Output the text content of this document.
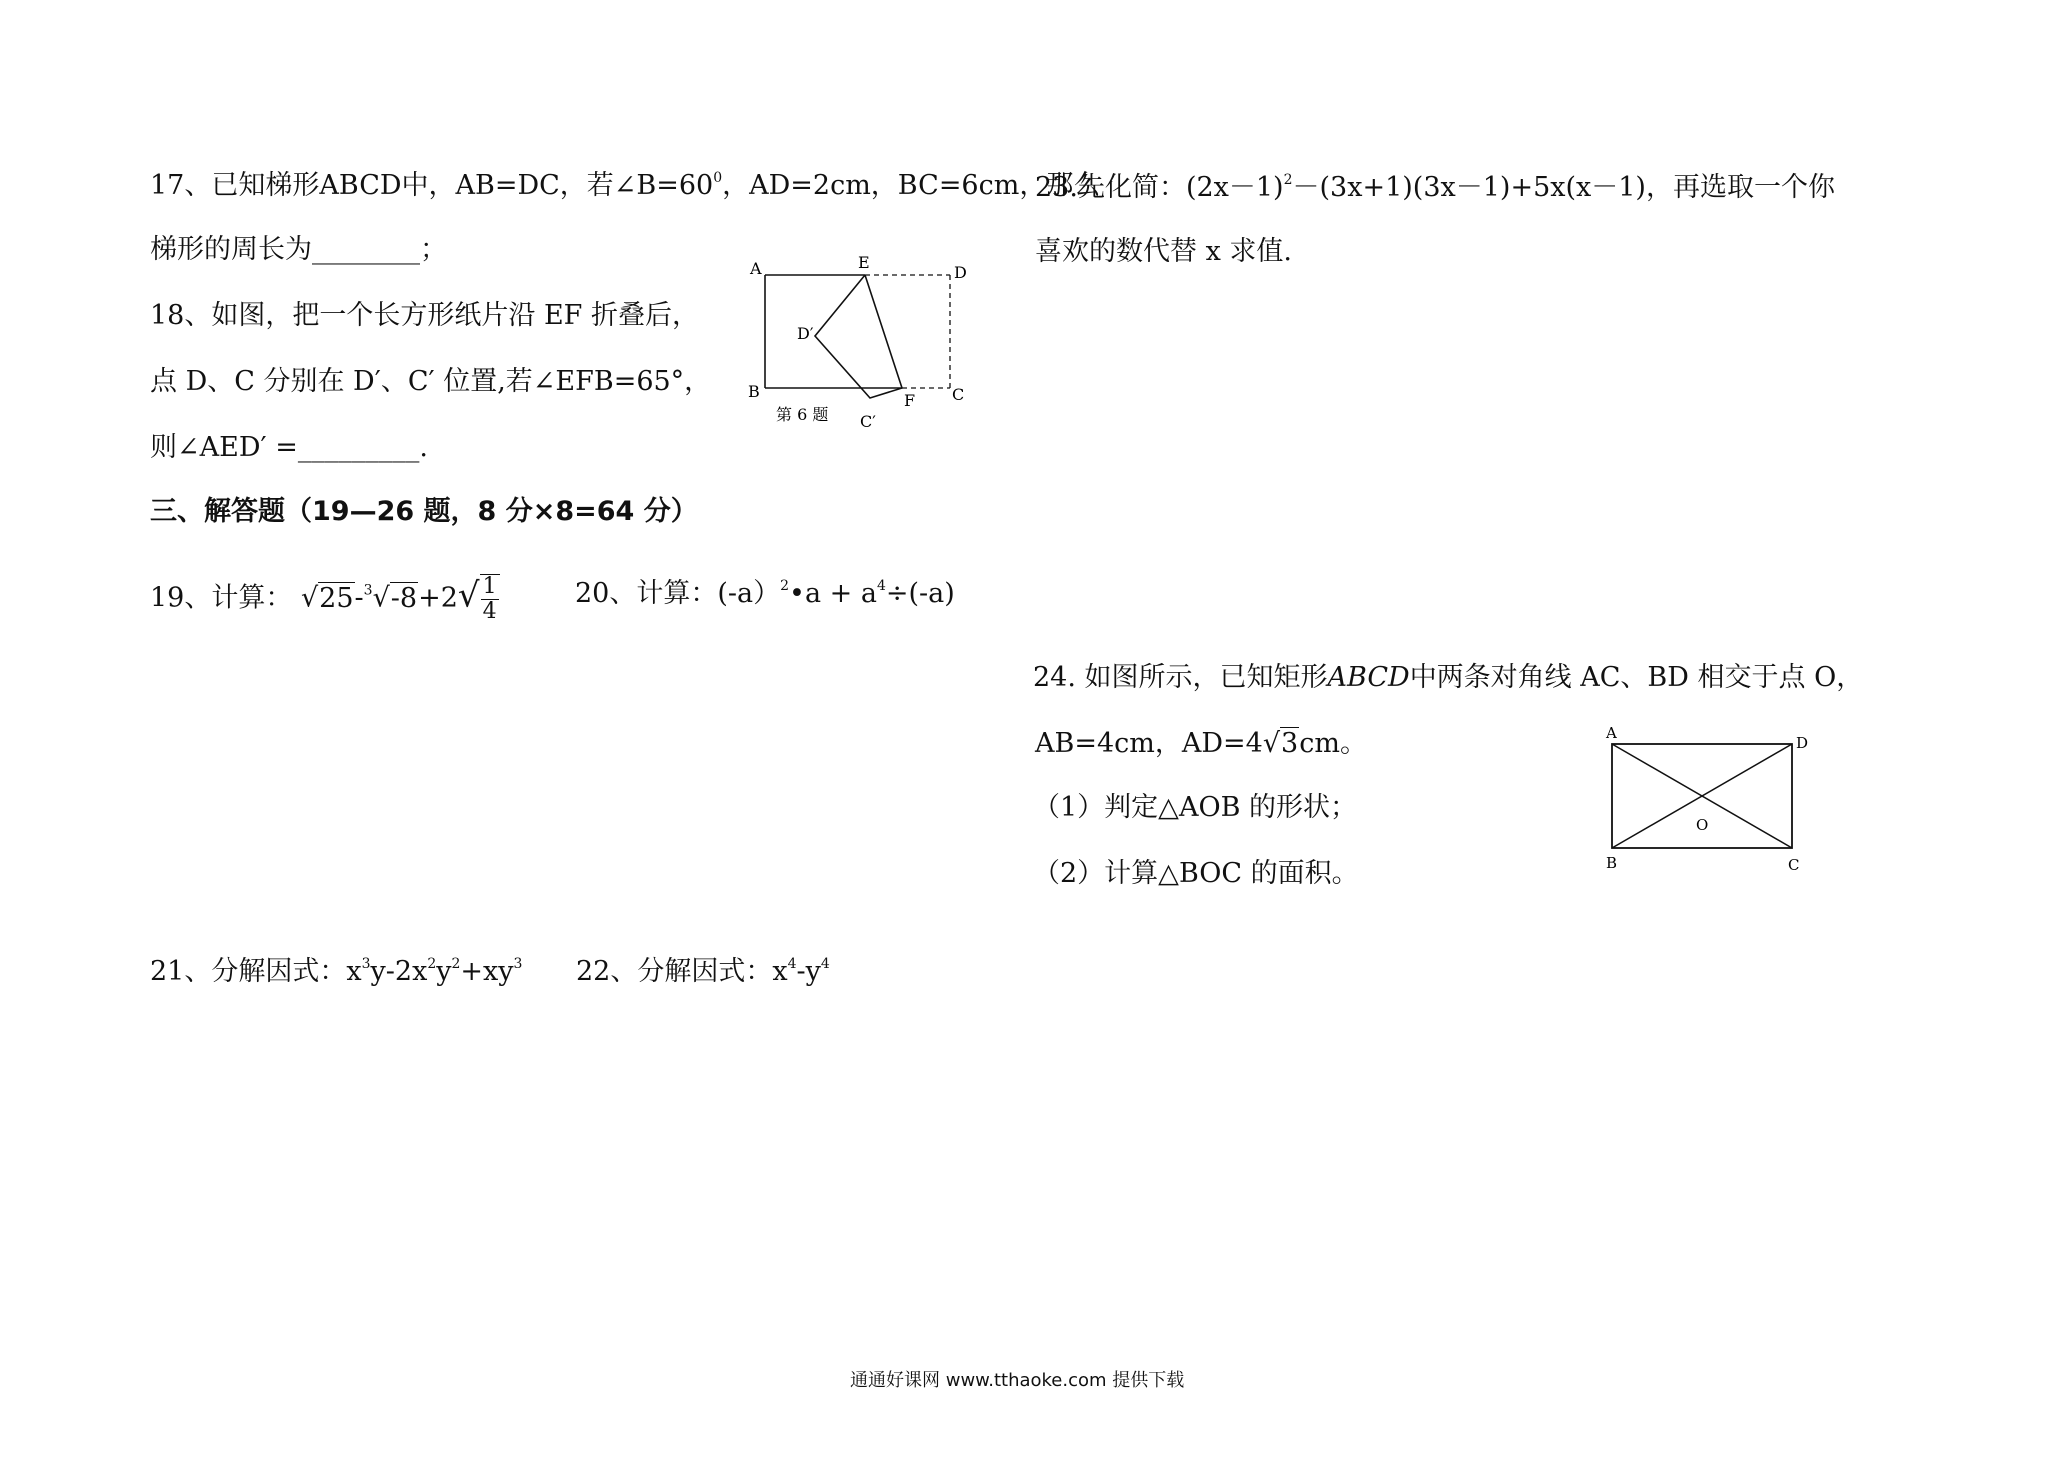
17、已知梯形ABCD中，AB=DC，若$\angle B=60^0$，AD=2cm，BC=6cm，那么
梯形的周长为________；
18、如图，把一个长方形纸片沿 EF 折叠后，
点 D、C 分别在 D′、C′ 位置,若∠EFB=65°，
则∠AED′ =_________.
A	E
D
D′
B	F C
C′
第 6 题
三、解答题（19—26 题，8 分×8=64 分）
19、计算： $√25-^3√-8+2√ \frac{1}{4}$	20、计算：(-a）$^2$•a + $a^4\div(-a)$
21、分解因式：$x^3y-2x^2y^2+xy^3$ 22、分解因式：$x^4-y^4$
23.先化简：$(2x-1)^2-(3x+1)(3x-1)+5x(x-1)$，再选取一个你
喜欢的数代替 x 求值.
24. 如图所示，已知矩形ABCD中两条对角线 AC、BD 相交于点 O，
AB=4cm，AD=4√3cm。
（1）判定△AOB 的形状；
（2）计算△BOC 的面积。
A
D
O
B	C
通通好课网 www.tthaoke.com 提供下载
